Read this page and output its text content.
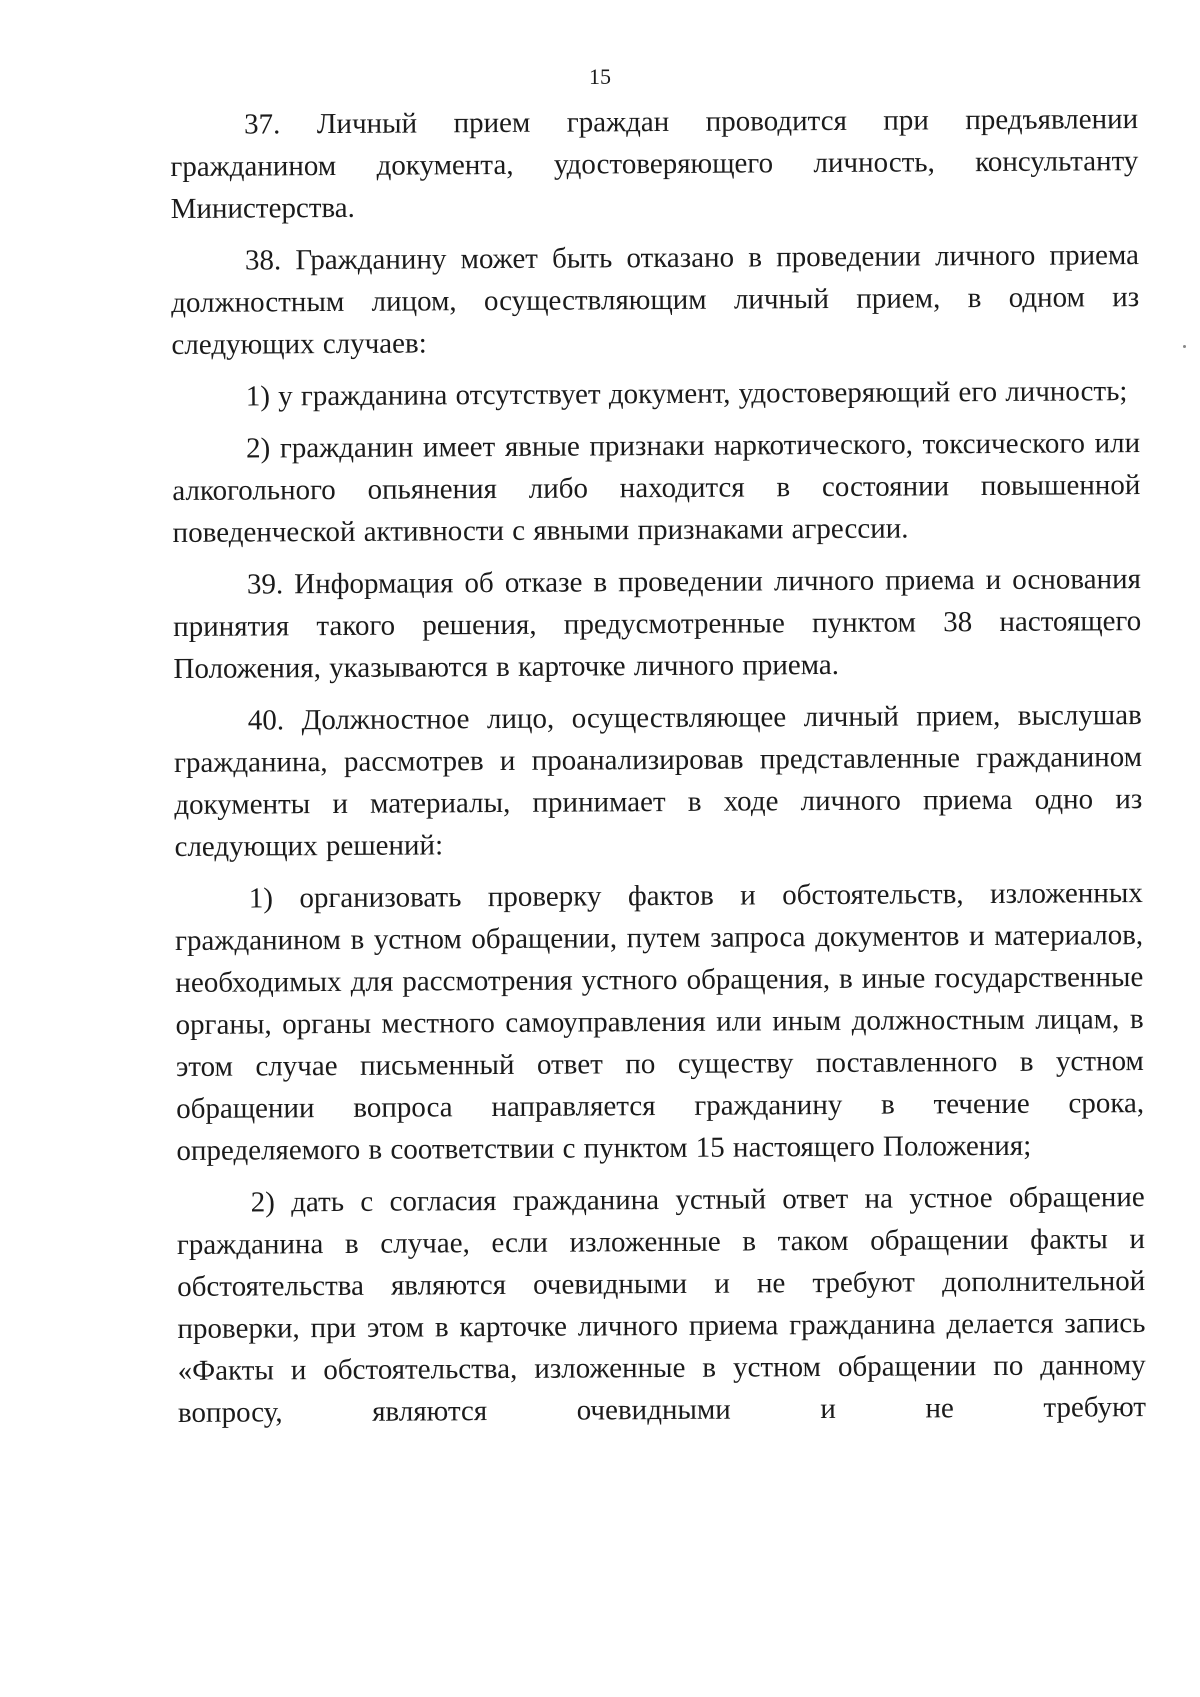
15

37. Личный прием граждан проводится при предъявлении гражданином документа, удостоверяющего личность, консультанту Министерства.

38. Гражданину может быть отказано в проведении личного приема должностным лицом, осуществляющим личный прием, в одном из следующих случаев:

1) у гражданина отсутствует документ, удостоверяющий его личность;

2) гражданин имеет явные признаки наркотического, токсического или алкогольного опьянения либо находится в состоянии повышенной поведенческой активности с явными признаками агрессии.

39. Информация об отказе в проведении личного приема и основания принятия такого решения, предусмотренные пунктом 38 настоящего Положения, указываются в карточке личного приема.

40. Должностное лицо, осуществляющее личный прием, выслушав гражданина, рассмотрев и проанализировав представленные гражданином документы и материалы, принимает в ходе личного приема одно из следующих решений:

1) организовать проверку фактов и обстоятельств, изложенных гражданином в устном обращении, путем запроса документов и материалов, необходимых для рассмотрения устного обращения, в иные государственные органы, органы местного самоуправления или иным должностным лицам, в этом случае письменный ответ по существу поставленного в устном обращении вопроса направляется гражданину в течение срока, определяемого в соответствии с пунктом 15 настоящего Положения;

2) дать с согласия гражданина устный ответ на устное обращение гражданина в случае, если изложенные в таком обращении факты и обстоятельства являются очевидными и не требуют дополнительной проверки, при этом в карточке личного приема гражданина делается запись «Факты и обстоятельства, изложенные в устном обращении по данному вопросу, являются очевидными и не требуют
